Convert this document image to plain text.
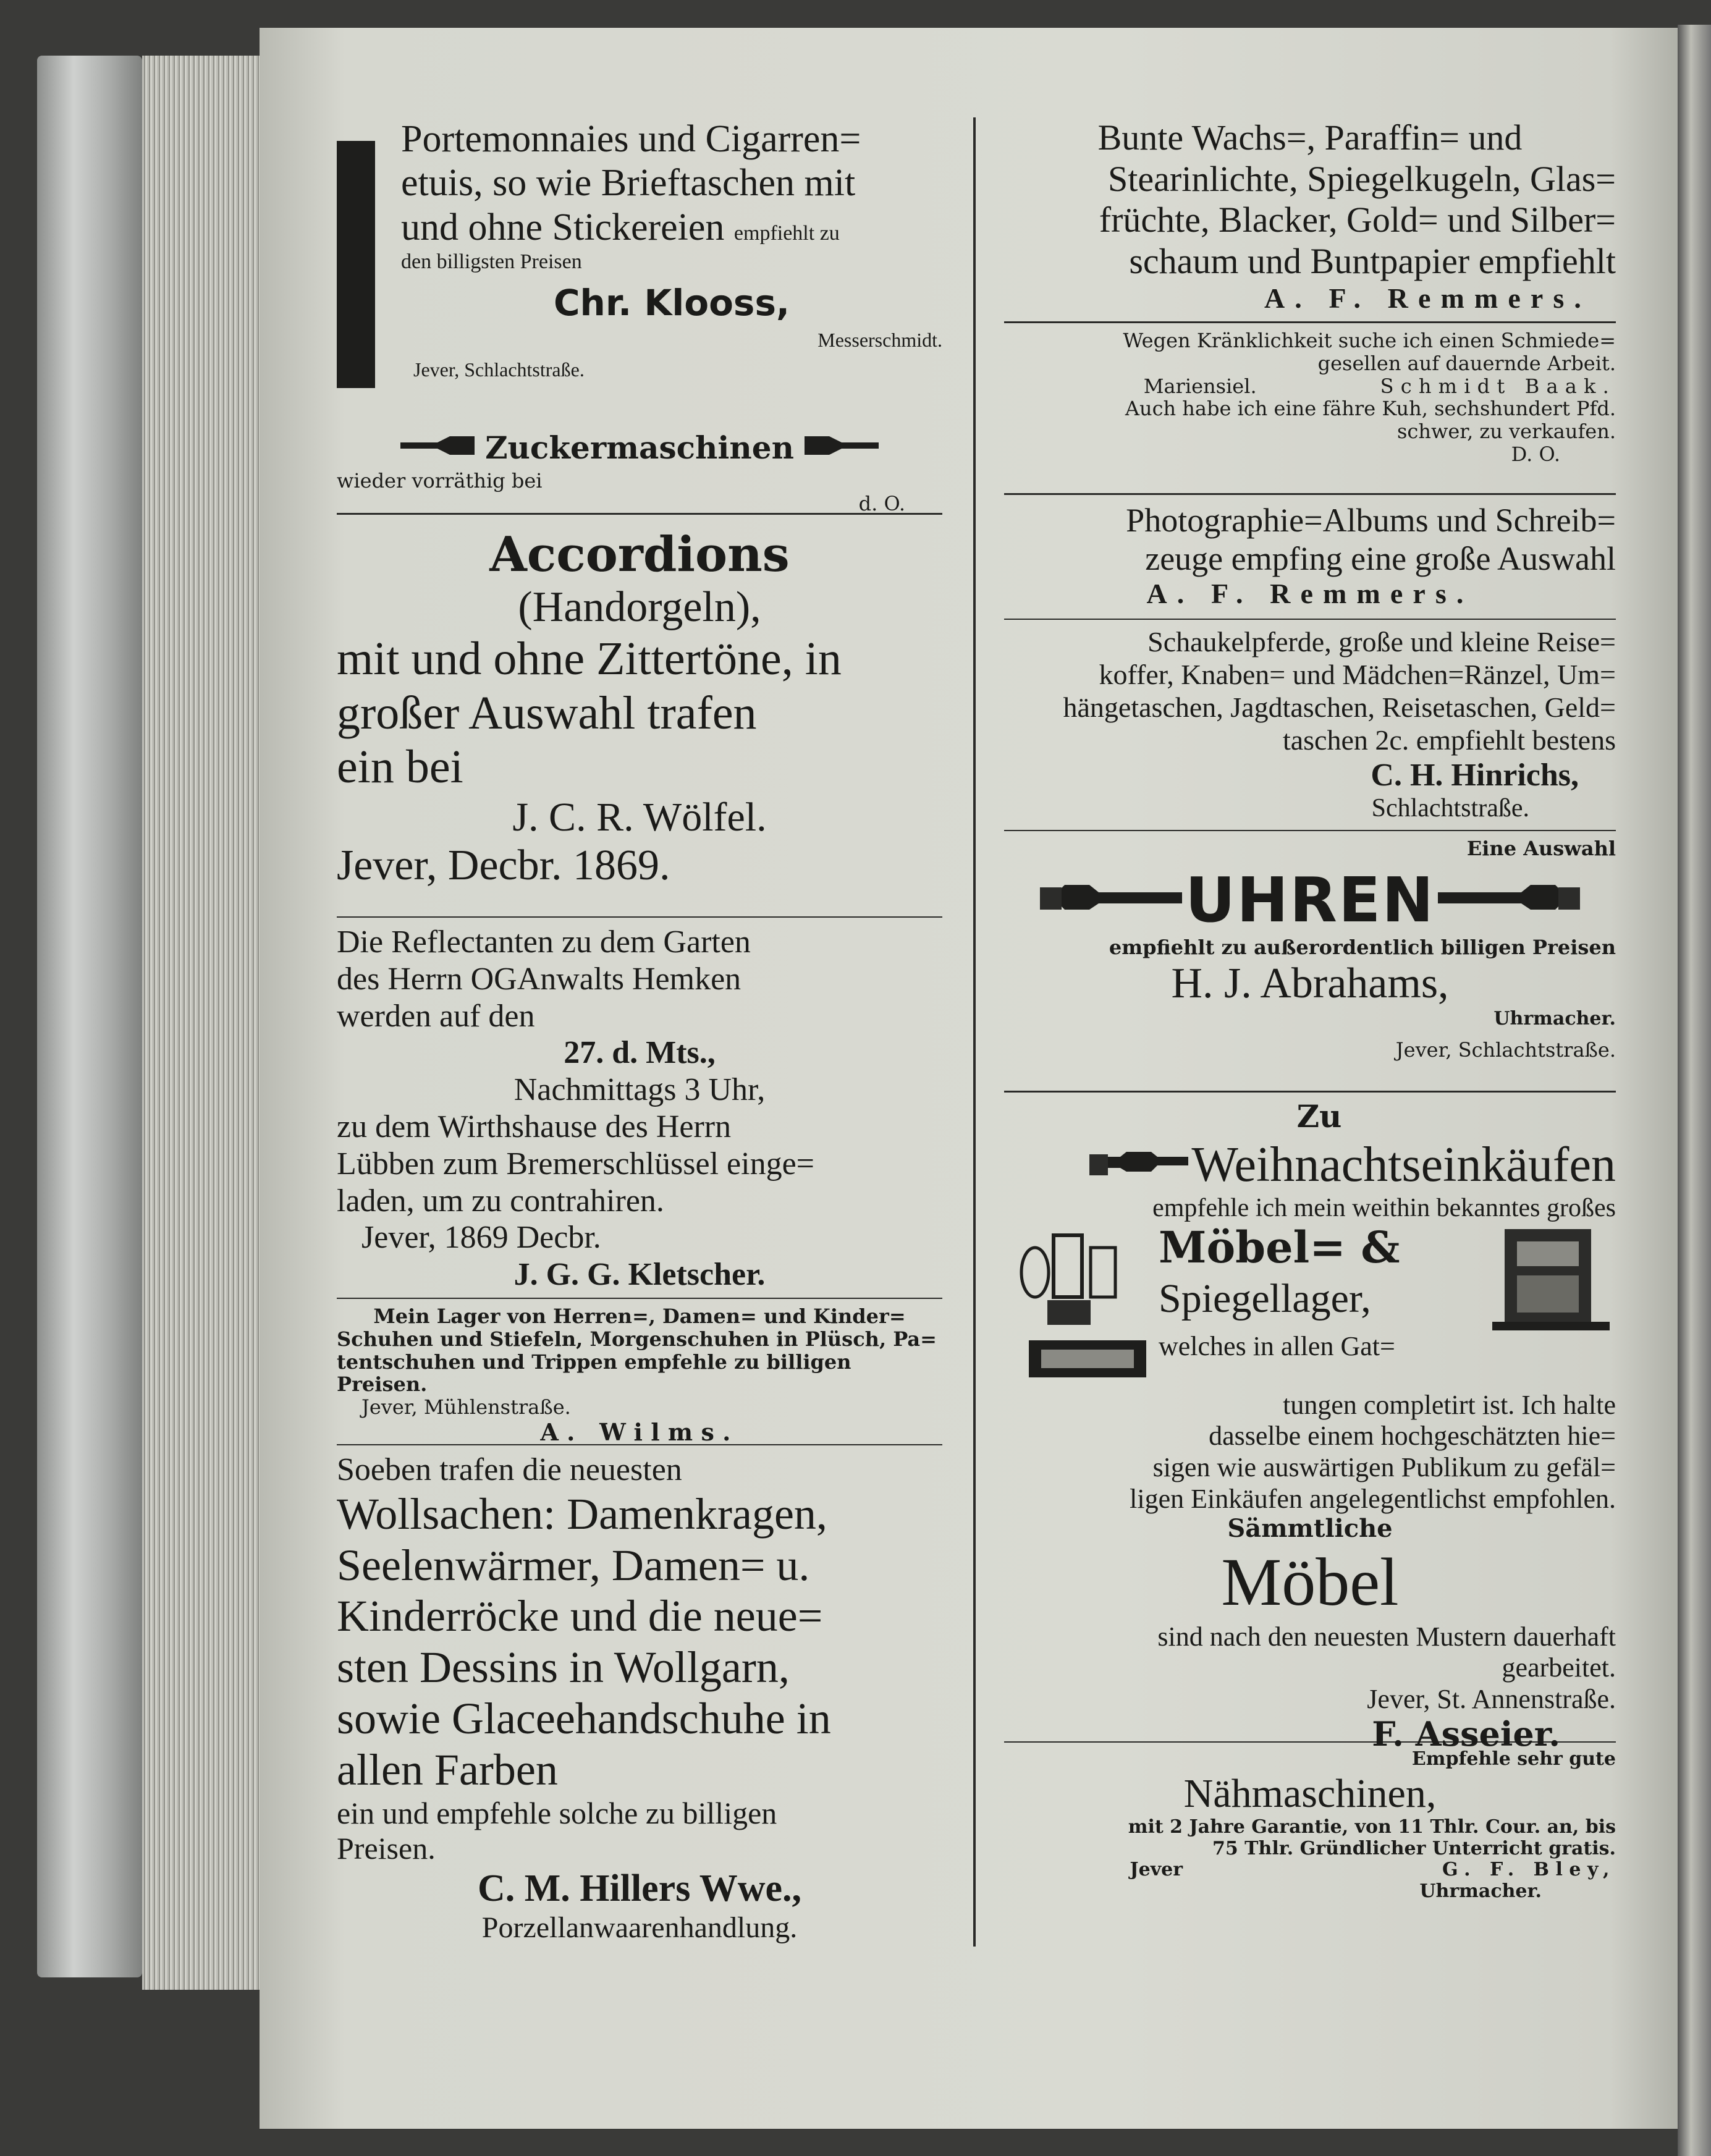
Portemonnaies und Cigarren=

etuis, so wie Brieftaschen mit

und ohne Stickereien empfiehlt zu

den billigsten Preisen

Chr. Klooss,

Messerschmidt.

Jever, Schlachtstraße.

Zuckermaschinen

wieder vorräthig bei

d. O.

Accordions

(Handorgeln),

mit und ohne Zittertöne, in

großer Auswahl trafen

ein bei

J. C. R. Wölfel.

Jever, Decbr. 1869.

Die Reflectanten zu dem Garten

des Herrn OGAnwalts Hemken

werden auf den

27. d. Mts.,

Nachmittags 3 Uhr,

zu dem Wirthshause des Herrn

Lübben zum Bremerschlüssel einge=

laden, um zu contrahiren.

Jever, 1869 Decbr.

J. G. G. Kletscher.

Mein Lager von Herren=, Damen= und Kinder=

Schuhen und Stiefeln, Morgenschuhen in Plüsch, Pa=

tentschuhen und Trippen empfehle zu billigen Preisen.

Jever, Mühlenstraße.

A. Wilms.

Soeben trafen die neuesten

Wollsachen: Damenkragen,

Seelenwärmer, Damen= u.

Kinderröcke und die neue=

sten Dessins in Wollgarn,

sowie Glaceehandschuhe in

allen Farben

ein und empfehle solche zu billigen

Preisen.

C. M. Hillers Wwe.,

Porzellanwaarenhandlung.

Bunte Wachs=, Paraffin= und

Stearinlichte, Spiegelkugeln, Glas=

früchte, Blacker, Gold= und Silber=

schaum und Buntpapier empfiehlt

A. F. Remmers.

Wegen Kränklichkeit suche ich einen Schmiede=

gesellen auf dauernde Arbeit.

Mariensiel.	Schmidt Baak.

Auch habe ich eine fähre Kuh, sechshundert Pfd.

schwer, zu verkaufen.

D. O.

Photographie=Albums und Schreib=

zeuge empfing eine große Auswahl

A. F. Remmers.

Schaukelpferde, große und kleine Reise=

koffer, Knaben= und Mädchen=Ränzel, Um=

hängetaschen, Jagdtaschen, Reisetaschen, Geld=

taschen 2c. empfiehlt bestens

C. H. Hinrichs,

Schlachtstraße.

Eine Auswahl

UHREN

empfiehlt zu außerordentlich billigen Preisen

H. J. Abrahams,

Uhrmacher.

Jever, Schlachtstraße.

Zu

Weihnachtseinkäufen

empfehle ich mein weithin bekanntes großes

Möbel= &

Spiegellager,

welches in allen Gat=

tungen completirt ist. Ich halte

dasselbe einem hochgeschätzten hie=

sigen wie auswärtigen Publikum zu gefäl=

ligen Einkäufen angelegentlichst empfohlen.

Sämmtliche

Möbel

sind nach den neuesten Mustern dauerhaft

gearbeitet.

Jever, St. Annenstraße.

F. Asseier.

Empfehle sehr gute

Nähmaschinen,

mit 2 Jahre Garantie, von 11 Thlr. Cour. an, bis

75 Thlr. Gründlicher Unterricht gratis.

Jever	G. F. Bley,

Uhrmacher.
